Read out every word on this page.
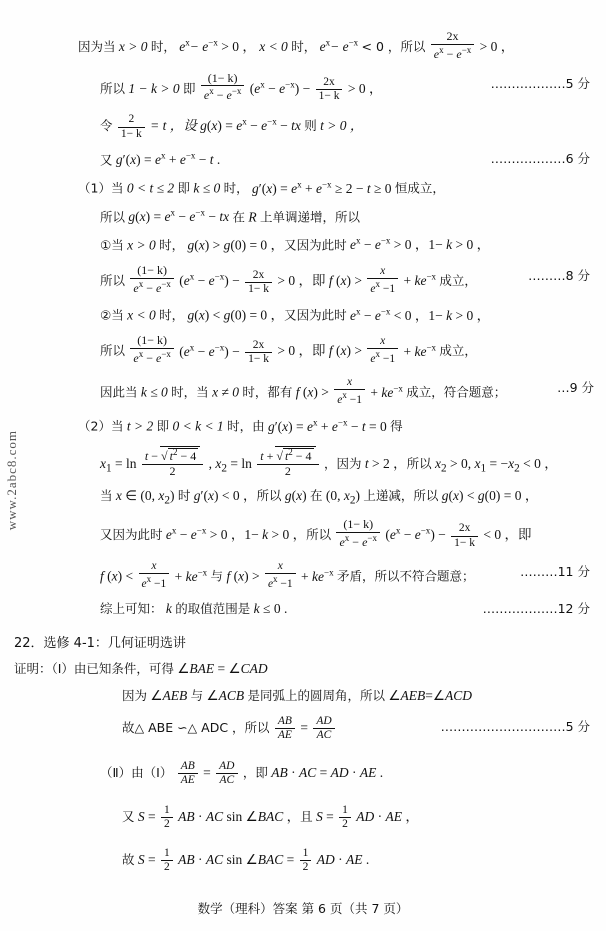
www.2abc8.com
因为当 x > 0 时， $e^x- e^{-x} > 0$ ， x < 0 时， $e^x- e^{-x} < 0$ ，所以 $\frac{2x}{e^x - e^{-x}} > 0$ ，
所以 1 − k > 0 即 $\frac{(1- k)}{e^x - e^{-x}} (e^x - e^{-x}) - \frac{2x}{1- k} > 0$ ，	………………5 分
令 $\frac{2}{1- k} = t$ ，设 $g(x) = e^x - e^{-x}$ − tx 则 t > 0 ，
又 $g'(x) = e^x + e^{-x} - t$ .	………………6 分
（1）当 0 < t ≤ 2 即 k ≤ 0 时， $g'(x) = e^x + e^{-x} \ge 2 - t \ge 0$ 恒成立，
所以 $g(x) = e^x - e^{-x}$ − tx 在 R 上单调递增，所以
①当 x > 0 时， g(x) > g(0) = 0 ，又因为此时 $e^x - e^{-x} > 0$ ，1− k > 0 ，
所以 $\frac{(1- k)}{e^x - e^{-x}} (e^x - e^{-x}) - \frac{2x}{1- k} > 0$ ，即 f $(x) > \frac{x}{e^x -1} + ke^{-x}$ 成立，	………8 分
②当 x < 0 时， g(x) < g(0) = 0 ，又因为此时 $e^x - e^{-x} < 0$ ，1− k > 0 ，
所以 $\frac{(1- k)}{e^x - e^{-x}} (e^x - e^{-x}) - \frac{2x}{1- k} > 0$ ，即 f $(x) > \frac{x}{e^x -1} + ke^{-x}$ 成立，
因此当 k ≤ 0 时，当 x ≠ 0 时，都有 f $(x) > \frac{x}{e^x -1} + ke^{-x}$ 成立，符合题意；	…9 分
（2）当 t > 2 即 0 < k < 1 时，由 $g'(x) = e^x + e^{-x} - t = 0$ 得
$x_1 = \ln \frac{t - √ t^2 - 4}{2}$ , $x_2 = \ln \frac{t + √ t^2 - 4}{2}$ ，因为 t > 2 ，所以 $x_2 > 0$, $x_1 = -x_2 < 0$ ，
当 x ∈ (0, $x_2$) 时 g′(x) < 0 ，所以 g(x) 在 (0, $x_2$) 上递减，所以 g(x) < g(0) = 0 ，
又因为此时 $e^x - e^{-x} > 0$ ，1− k > 0 ，所以 $\frac{(1- k)}{e^x - e^{-x}} (e^x - e^{-x}) - \frac{2x}{1- k} < 0$ ，即
f $(x) < \frac{x}{e^x -1} + ke^{-x}$ 与 f $(x) > \frac{x}{e^x -1} + ke^{-x}$ 矛盾，所以不符合题意；	………11 分
综上可知： k 的取值范围是 k ≤ 0 .	………………12 分
22．选修 4-1：几何证明选讲
证明：（Ⅰ）由已知条件，可得 ∠BAE = ∠CAD
因为 ∠AEB 与 ∠ACB 是同弧上的圆周角，所以 ∠AEB=∠ACD
故△ ABE ∽△ ADC ，所以 $\frac{AB}{AE} = \frac{AD}{AC}$	…………………………5 分
（Ⅱ）由（Ⅰ） $\frac{AB}{AE} = \frac{AD}{AC}$ ，即 AB · AC = AD · AE .
又 $S = \frac{1}{2}$ AB · AC sin ∠BAC ，且 $S = \frac{1}{2}$ AD · AE ，
故 $S = \frac{1}{2}$ AB · AC sin ∠BAC = $\frac{1}{2}$ AD · AE .
数学（理科）答案 第 6 页（共 7 页）
